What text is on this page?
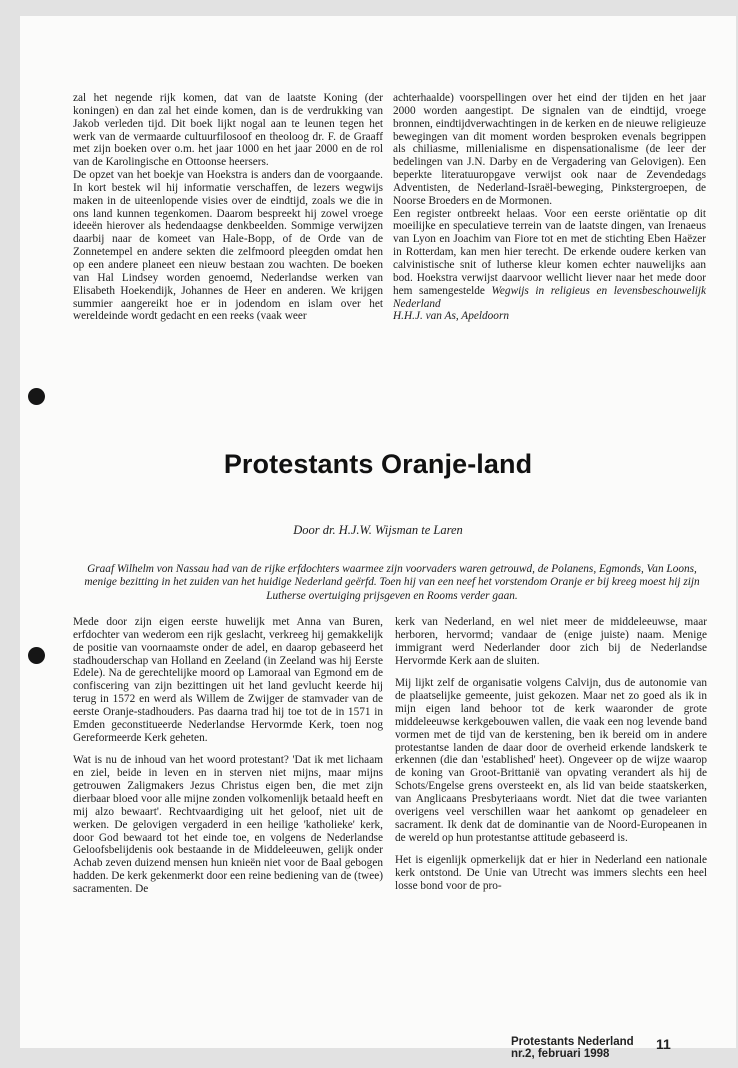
zal het negende rijk komen, dat van de laatste Koning (der koningen) en dan zal het einde komen, dan is de verdrukking van Jakob verleden tijd. Dit boek lijkt nogal aan te leunen tegen het werk van de vermaarde cultuurfilosoof en theoloog dr. F. de Graaff met zijn boeken over o.m. het jaar 1000 en het jaar 2000 en de rol van de Karolingische en Ottoonse heersers.

De opzet van het boekje van Hoekstra is anders dan de voorgaande. In kort bestek wil hij informatie verschaffen, de lezers wegwijs maken in de uiteenlopende visies over de eindtijd, zoals we die in ons land kunnen tegenkomen. Daarom bespreekt hij zowel vroege ideeën hierover als hedendaagse denkbeelden. Sommige verwijzen daarbij naar de komeet van Hale-Bopp, of de Orde van de Zonnetempel en andere sekten die zelfmoord pleegden omdat hen op een andere planeet een nieuw bestaan zou wachten. De boeken van Hal Lindsey worden genoemd, Nederlandse werken van Elisabeth Hoekendijk, Johannes de Heer en anderen. We krijgen summier aangereikt hoe er in jodendom en islam over het wereldeinde wordt gedacht en een reeks (vaak weer

achterhaalde) voorspellingen over het eind der tijden en het jaar 2000 worden aangestipt. De signalen van de eindtijd, vroege bronnen, eindtijdverwachtingen in de kerken en de nieuwe religieuze bewegingen van dit moment worden besproken evenals begrippen als chiliasme, millenialisme en dispensationalisme (de leer der bedelingen van J.N. Darby en de Vergadering van Gelovigen). Een beperkte literatuuropgave verwijst ook naar de Zevendedags Adventisten, de Nederland-Israël-beweging, Pinkstergroepen, de Noorse Broeders en de Mormonen.

Een register ontbreekt helaas. Voor een eerste oriëntatie op dit moeilijke en speculatieve terrein van de laatste dingen, van Irenaeus van Lyon en Joachim van Fiore tot en met de stichting Eben Haëzer in Rotterdam, kan men hier terecht. De erkende oudere kerken van calvinistische snit of lutherse kleur komen echter nauwelijks aan bod. Hoekstra verwijst daarvoor wellicht liever naar het mede door hem samengestelde Wegwijs in religieus en levensbeschouwelijk Nederland

H.H.J. van As, Apeldoorn

Protestants Oranje-land
Door dr. H.J.W. Wijsman te Laren
Graaf Wilhelm von Nassau had van de rijke erfdochters waarmee zijn voorvaders waren getrouwd, de Polanens, Egmonds, Van Loons, menige bezitting in het zuiden van het huidige Nederland geërfd. Toen hij van een neef het vorstendom Oranje er bij kreeg moest hij zijn Lutherse overtuiging prijsgeven en Rooms verder gaan.

Mede door zijn eigen eerste huwelijk met Anna van Buren, erfdochter van wederom een rijk geslacht, verkreeg hij gemakkelijk de positie van voornaamste onder de adel, en daarop gebaseerd het stadhouderschap van Holland en Zeeland (in Zeeland was hij Eerste Edele). Na de gerechtelijke moord op Lamoraal van Egmond em de confiscering van zijn bezittingen uit het land gevlucht keerde hij terug in 1572 en werd als Willem de Zwijger de stamvader van de eerste Oranje-stadhouders. Pas daarna trad hij toe tot de in 1571 in Emden geconstitueerde Nederlandse Hervormde Kerk, toen nog Gereformeerde Kerk geheten.

Wat is nu de inhoud van het woord protestant? 'Dat ik met lichaam en ziel, beide in leven en in sterven niet mijns, maar mijns getrouwen Zaligmakers Jezus Christus eigen ben, die met zijn dierbaar bloed voor alle mijne zonden volkomenlijk betaald heeft en mij alzo bewaart'. Rechtvaardiging uit het geloof, niet uit de werken. De gelovigen vergaderd in een heilige 'katholieke' kerk, door God bewaard tot het einde toe, en volgens de Nederlandse Geloofsbelijdenis ook bestaande in de Middeleeuwen, gelijk onder Achab zeven duizend mensen hun knieën niet voor de Baal gebogen hadden. De kerk gekenmerkt door een reine bediening van de (twee) sacramenten. De

kerk van Nederland, en wel niet meer de middeleeuwse, maar herboren, hervormd; vandaar de (enige juiste) naam. Menige immigrant werd Nederlander door zich bij de Nederlandse Hervormde Kerk aan de sluiten.

Mij lijkt zelf de organisatie volgens Calvijn, dus de autonomie van de plaatselijke gemeente, juist gekozen. Maar net zo goed als ik in mijn eigen land behoor tot de kerk waaronder de grote middeleeuwse kerkgebouwen vallen, die vaak een nog levende band vormen met de tijd van de kerstening, ben ik bereid om in andere protestantse landen de daar door de overheid erkende landskerk te erkennen (die dan 'established' heet). Ongeveer op de wijze waarop de koning van Groot-Brittanië van opvating verandert als hij de Schots/Engelse grens oversteekt en, als lid van beide staatskerken, van Anglicaans Presbyteriaans wordt. Niet dat die twee varianten overigens veel verschillen waar het aankomt op genadeleer en sacrament. Ik denk dat de dominantie van de Noord-Europeanen in de wereld op hun protestantse attitude gebaseerd is.

Het is eigenlijk opmerkelijk dat er hier in Nederland een nationale kerk ontstond. De Unie van Utrecht was immers slechts een heel losse bond voor de pro-

Protestants Nederland
nr.2, februari 1998
11
